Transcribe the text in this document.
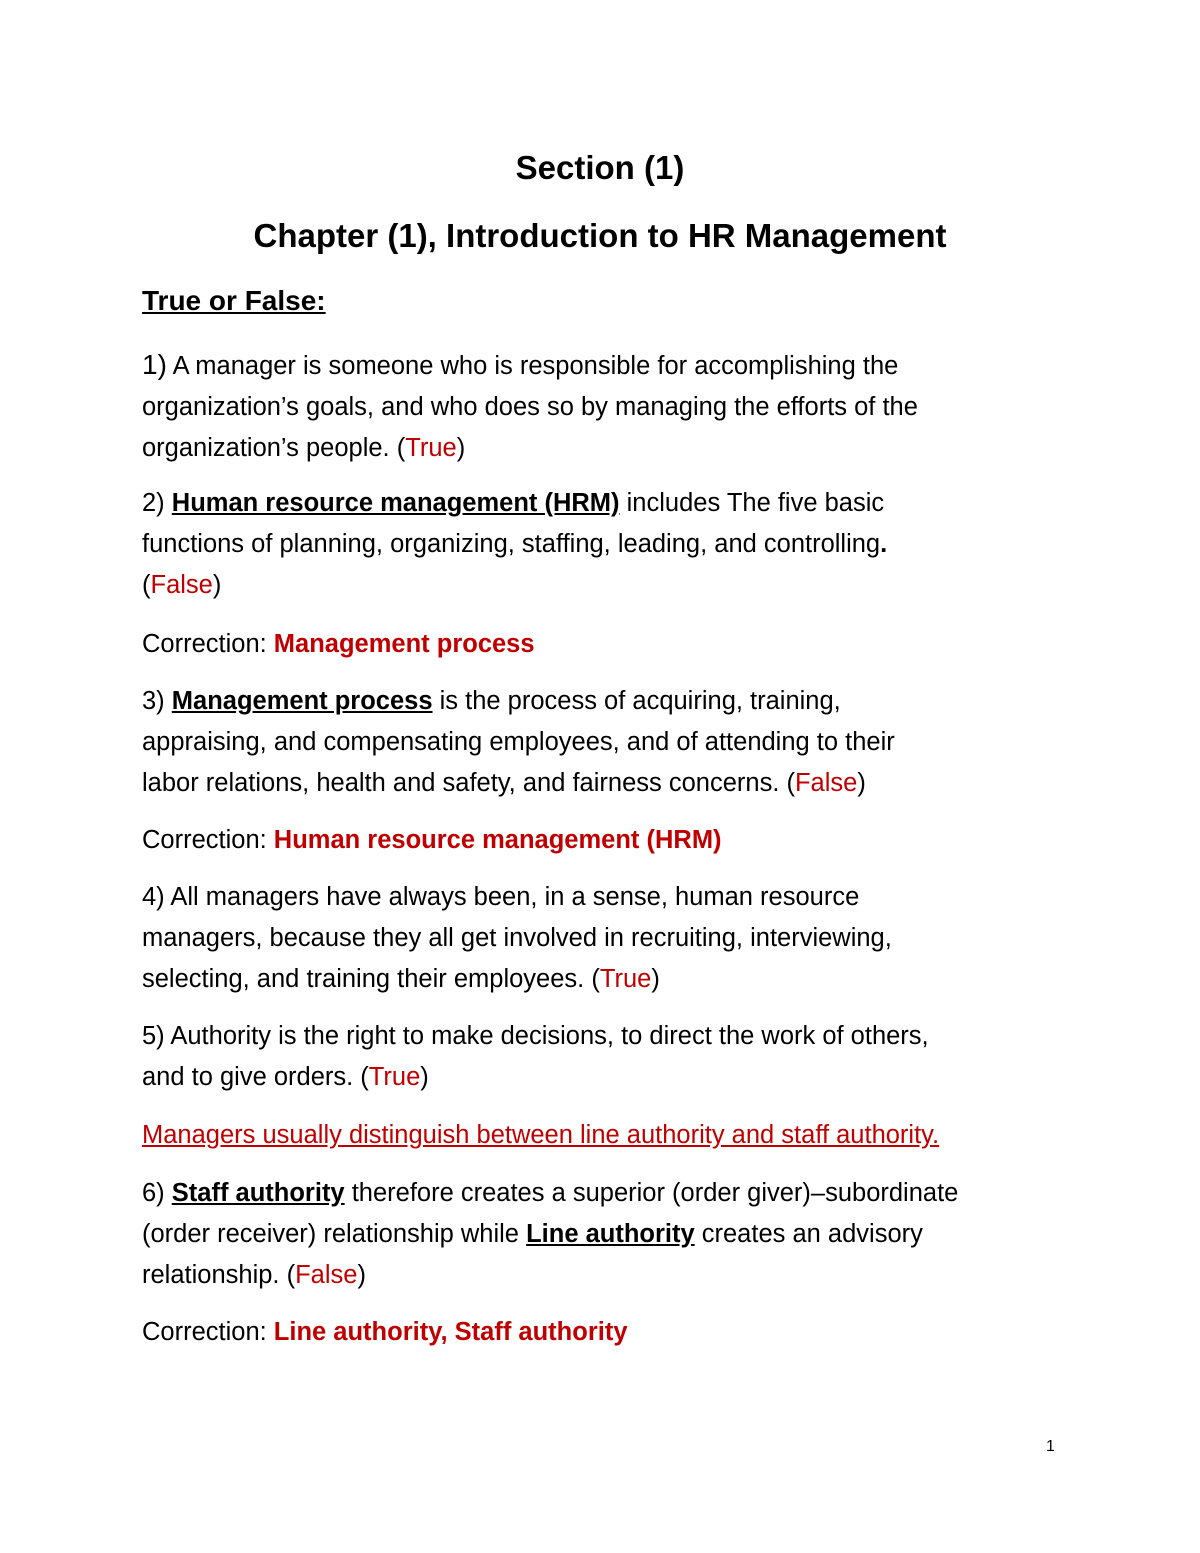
Section (1)
Chapter (1), Introduction to HR Management
True or False:
1) A manager is someone who is responsible for accomplishing the
organization’s goals, and who does so by managing the efforts of the
organization’s people. (True)
2) Human resource management (HRM) includes The five basic
functions of planning, organizing, staffing, leading, and controlling.
(False)
Correction: Management process
3) Management process is the process of acquiring, training,
appraising, and compensating employees, and of attending to their
labor relations, health and safety, and fairness concerns. (False)
Correction: Human resource management (HRM)
4) All managers have always been, in a sense, human resource
managers, because they all get involved in recruiting, interviewing,
selecting, and training their employees. (True)
5) Authority is the right to make decisions, to direct the work of others,
and to give orders. (True)
Managers usually distinguish between line authority and staff authority.
6) Staff authority therefore creates a superior (order giver)–subordinate
(order receiver) relationship while Line authority creates an advisory
relationship. (False)
Correction: Line authority, Staff authority
1
